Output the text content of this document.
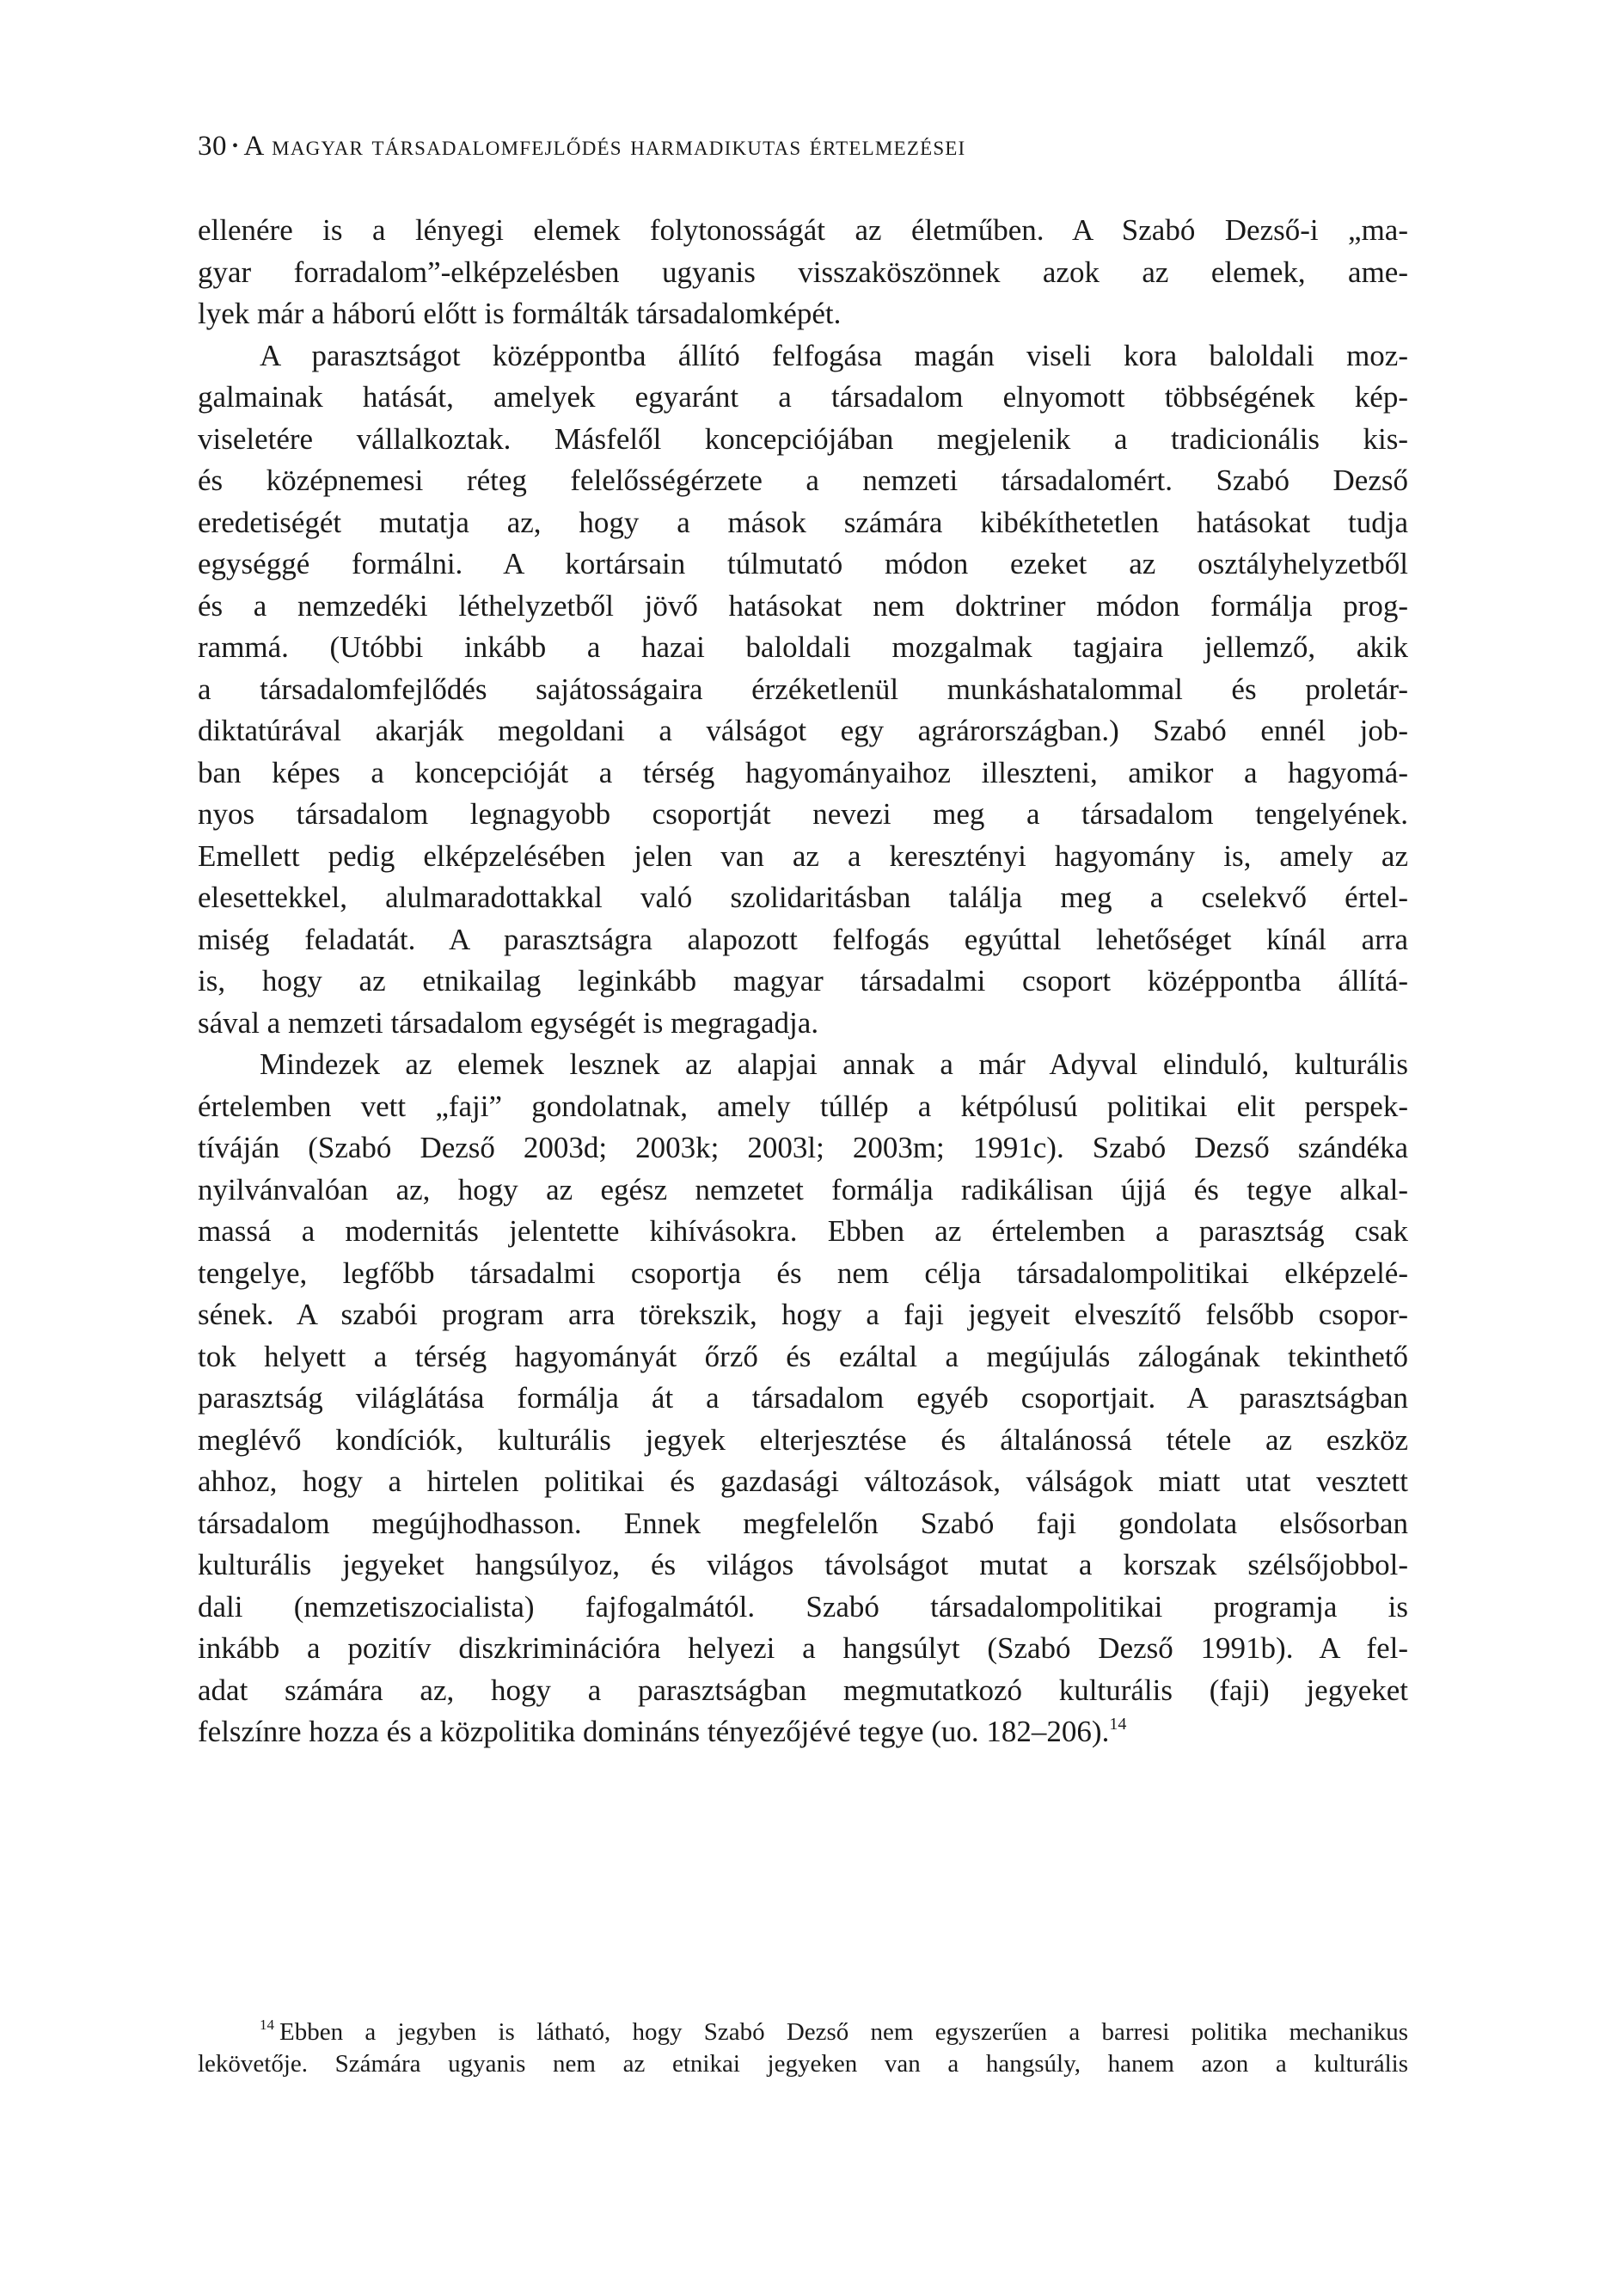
30 • A magyar társadalomfejlődés harmadikutas értelmezései
ellenére is a lényegi elemek folytonosságát az életműben. A Szabó Dezső-i „ma-
gyar forradalom”-elképzelésben ugyanis visszaköszönnek azok az elemek, ame-
lyek már a háború előtt is formálták társadalomképét.
A parasztságot középpontba állító felfogása magán viseli kora baloldali moz-
galmainak hatását, amelyek egyaránt a társadalom elnyomott többségének kép-
viseletére vállalkoztak. Másfelől koncepciójában megjelenik a tradicionális kis-
és középnemesi réteg felelősségérzete a nemzeti társadalomért. Szabó Dezső
eredetiségét mutatja az, hogy a mások számára kibékíthetetlen hatásokat tudja
egységgé formálni. A kortársain túlmutató módon ezeket az osztályhelyzetből
és a nemzedéki léthelyzetből jövő hatásokat nem doktriner módon formálja prog-
rammá. (Utóbbi inkább a hazai baloldali mozgalmak tagjaira jellemző, akik
a társadalomfejlődés sajátosságaira érzéketlenül munkáshatalommal és proletár-
diktatúrával akarják megoldani a válságot egy agrárországban.) Szabó ennél job-
ban képes a koncepcióját a térség hagyományaihoz illeszteni, amikor a hagyomá-
nyos társadalom legnagyobb csoportját nevezi meg a társadalom tengelyének.
Emellett pedig elképzelésében jelen van az a keresztényi hagyomány is, amely az
elesettekkel, alulmaradottakkal való szolidaritásban találja meg a cselekvő értel-
miség feladatát. A parasztságra alapozott felfogás egyúttal lehetőséget kínál arra
is, hogy az etnikailag leginkább magyar társadalmi csoport középpontba állítá-
sával a nemzeti társadalom egységét is megragadja.
Mindezek az elemek lesznek az alapjai annak a már Adyval elinduló, kulturális
értelemben vett „faji” gondolatnak, amely túllép a kétpólusú politikai elit perspek-
tíváján (Szabó Dezső 2003d; 2003k; 2003l; 2003m; 1991c). Szabó Dezső szándéka
nyilvánvalóan az, hogy az egész nemzetet formálja radikálisan újjá és tegye alkal-
massá a modernitás jelentette kihívásokra. Ebben az értelemben a parasztság csak
tengelye, legfőbb társadalmi csoportja és nem célja társadalompolitikai elképzelé-
sének. A szabói program arra törekszik, hogy a faji jegyeit elveszítő felsőbb csopor-
tok helyett a térség hagyományát őrző és ezáltal a megújulás zálogának tekinthető
parasztság világlátása formálja át a társadalom egyéb csoportjait. A parasztságban
meglévő kondíciók, kulturális jegyek elterjesztése és általánossá tétele az eszköz
ahhoz, hogy a hirtelen politikai és gazdasági változások, válságok miatt utat vesztett
társadalom megújhodhasson. Ennek megfelelőn Szabó faji gondolata elsősorban
kulturális jegyeket hangsúlyoz, és világos távolságot mutat a korszak szélsőjobbol-
dali (nemzetiszocialista) fajfogalmától. Szabó társadalompolitikai programja is
inkább a pozitív diszkriminációra helyezi a hangsúlyt (Szabó Dezső 1991b). A fel-
adat számára az, hogy a parasztságban megmutatkozó kulturális (faji) jegyeket
felszínre hozza és a közpolitika domináns tényezőjévé tegye (uo. 182–206).$^{14}$
$^{14}$ Ebben a jegyben is látható, hogy Szabó Dezső nem egyszerűen a barresi politika mechanikus
lekövetője. Számára ugyanis nem az etnikai jegyeken van a hangsúly, hanem azon a kulturális
